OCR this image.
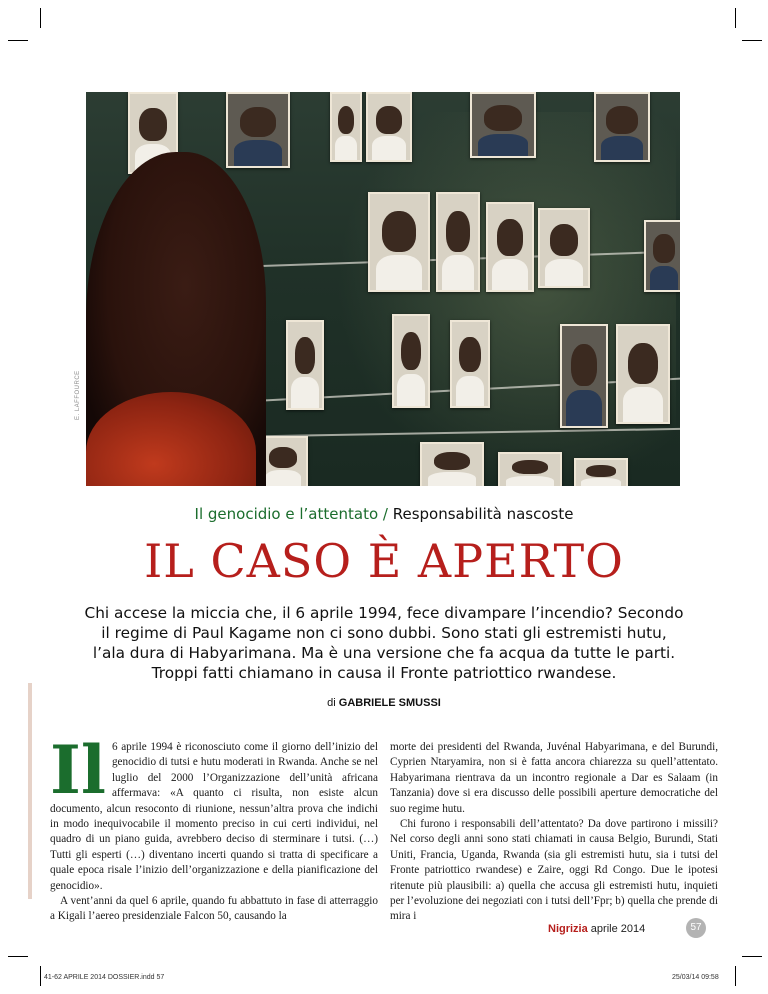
E. LAFFOURCE
Il genocidio e l’attentato / Responsabilità nascoste
IL CASO È APERTO
Chi accese la miccia che, il 6 aprile 1994, fece divampare l’incendio? Secondo
il regime di Paul Kagame non ci sono dubbi. Sono stati gli estremisti hutu,
l’ala dura di Habyarimana. Ma è una versione che fa acqua da tutte le parti.
Troppi fatti chiamano in causa il Fronte patriottico rwandese.
di GABRIELE SMUSSI

Il 6 aprile 1994 è riconosciuto come il giorno dell’inizio del genocidio di tutsi e hutu moderati in Rwanda. Anche se nel luglio del 2000 l’Organizzazione dell’unità africana affermava: «A quanto ci risulta, non esiste alcun documento, alcun resoconto di riunione, nessun’altra prova che indichi in modo inequivocabile il momento preciso in cui certi individui, nel quadro di un piano guida, avrebbero deciso di sterminare i tutsi. (…) Tutti gli esperti (…) diventano incerti quando si tratta di specificare a quale epoca risale l’inizio dell’organizzazione e della pianificazione del genocidio».

A vent’anni da quel 6 aprile, quando fu abbattuto in fase di atterraggio a Kigali l’aereo presidenziale Falcon 50, causando la

morte dei presidenti del Rwanda, Juvénal Habyarimana, e del Burundi, Cyprien Ntaryamira, non si è fatta ancora chiarezza su quell’attentato. Habyarimana rientrava da un incontro regionale a Dar es Salaam (in Tanzania) dove si era discusso delle possibili aperture democratiche del suo regime hutu.

Chi furono i responsabili dell’attentato? Da dove partirono i missili? Nel corso degli anni sono stati chiamati in causa Belgio, Burundi, Stati Uniti, Francia, Uganda, Rwanda (sia gli estremisti hutu, sia i tutsi del Fronte patriottico rwandese) e Zaire, oggi Rd Congo. Due le ipotesi ritenute più plausibili: a) quella che accusa gli estremisti hutu, inquieti per l’evoluzione dei negoziati con i tutsi dell’Fpr; b) quella che prende di mira i

Nigrizia aprile 2014	57
41-62 APRILE 2014 DOSSIER.indd 57	25/03/14 09:58
